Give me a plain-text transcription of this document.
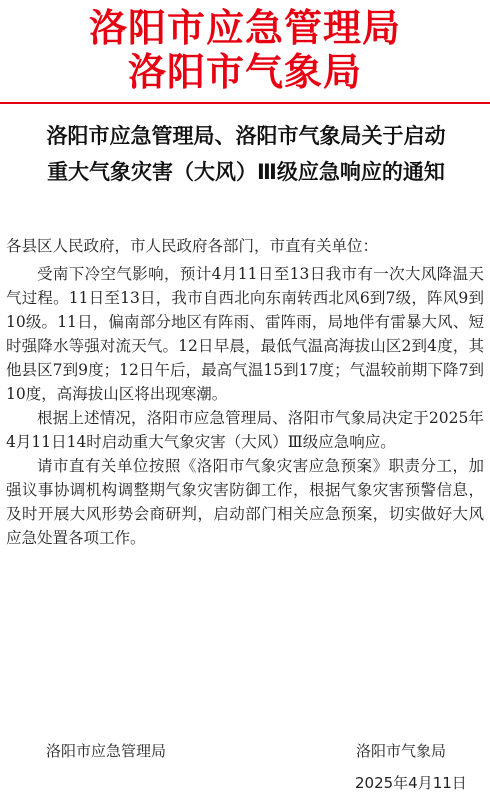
洛阳市应急管理局
洛阳市气象局
洛阳市应急管理局、洛阳市气象局关于启动
重大气象灾害（大风）Ⅲ级应急响应的通知

各县区人民政府，市人民政府各部门，市直有关单位：

受南下冷空气影响，预计4月11日至13日我市有一次大风降温天气过程。11日至13日，我市自西北向东南转西北风6到7级，阵风9到10级。11日，偏南部分地区有阵雨、雷阵雨，局地伴有雷暴大风、短时强降水等强对流天气。12日早晨，最低气温高海拔山区2到4度，其他县区7到9度；12日午后，最高气温15到17度；气温较前期下降7到10度，高海拔山区将出现寒潮。

根据上述情况，洛阳市应急管理局、洛阳市气象局决定于2025年4月11日14时启动重大气象灾害（大风）Ⅲ级应急响应。

请市直有关单位按照《洛阳市气象灾害应急预案》职责分工，加强议事协调机构调整期气象灾害防御工作，根据气象灾害预警信息，及时开展大风形势会商研判，启动部门相关应急预案，切实做好大风应急处置各项工作。

洛阳市应急管理局	洛阳市气象局
2025年4月11日
